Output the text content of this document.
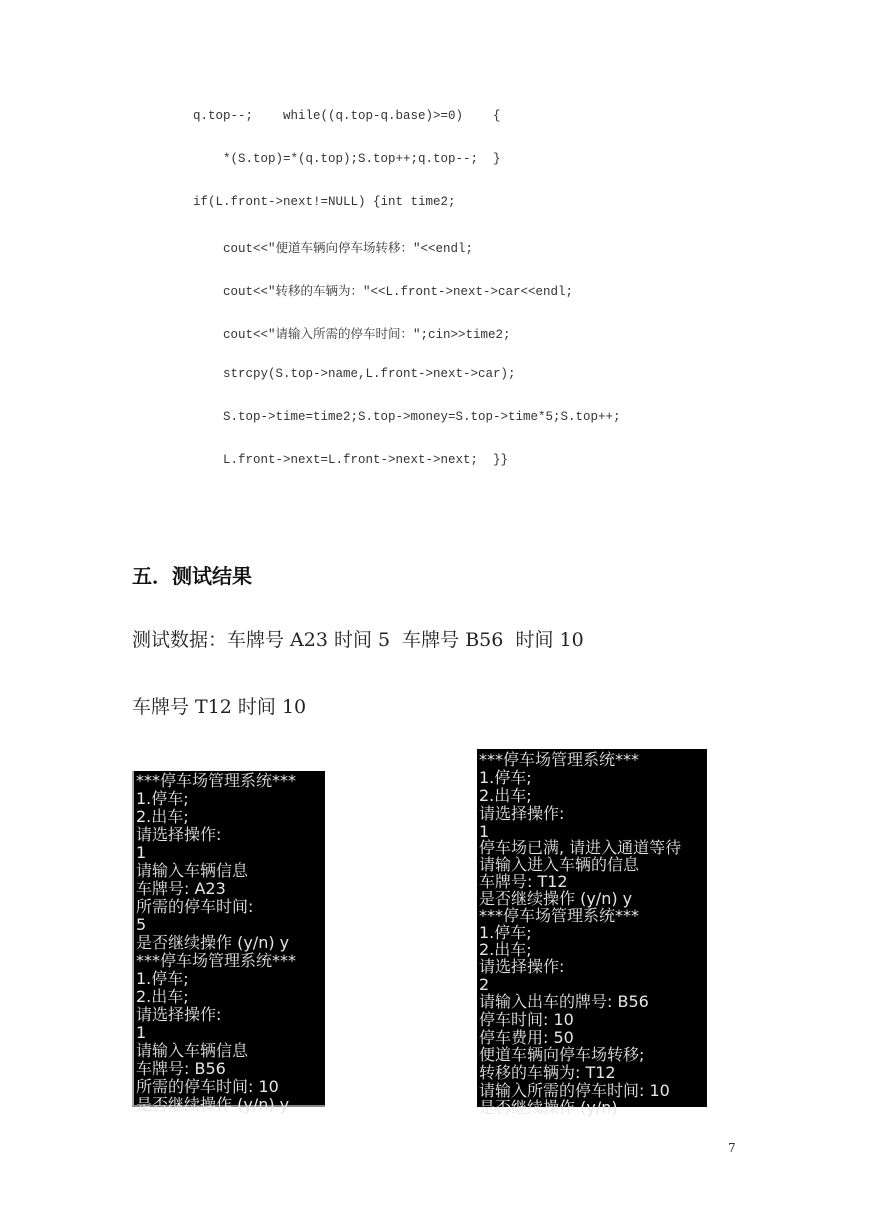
q.top--;    while((q.top-q.base)>=0)    {
*(S.top)=*(q.top);S.top++;q.top--;  }
if(L.front->next!=NULL) {int time2;
cout<<"便道车辆向停车场转移："<<endl;
cout<<"转移的车辆为："<<L.front->next->car<<endl;
cout<<"请输入所需的停车时间：";cin>>time2;
strcpy(S.top->name,L.front->next->car);
S.top->time=time2;S.top->money=S.top->time*5;S.top++;
L.front->next=L.front->next->next;  }}
五．测试结果
测试数据：车牌号 A23 时间 5  车牌号 B56  时间 10
车牌号 T12 时间 10
***停车场管理系统***
1.停车;
2.出车;
请选择操作:
1
请输入车辆信息
车牌号: A23
所需的停车时间:
5
是否继续操作 (y/n) y
***停车场管理系统***
1.停车;
2.出车;
请选择操作:
1
请输入车辆信息
车牌号: B56
所需的停车时间: 10
是否继续操作 (y/n) y
***停车场管理系统***
1.停车;
2.出车;
请选择操作:
1
停车场已满, 请进入通道等待
请输入进入车辆的信息
车牌号: T12
是否继续操作 (y/n) y
***停车场管理系统***
1.停车;
2.出车;
请选择操作:
2
请输入出车的牌号: B56
停车时间: 10
停车费用: 50
便道车辆向停车场转移;
转移的车辆为: T12
请输入所需的停车时间: 10
是否继续操作 (y/n)
7
